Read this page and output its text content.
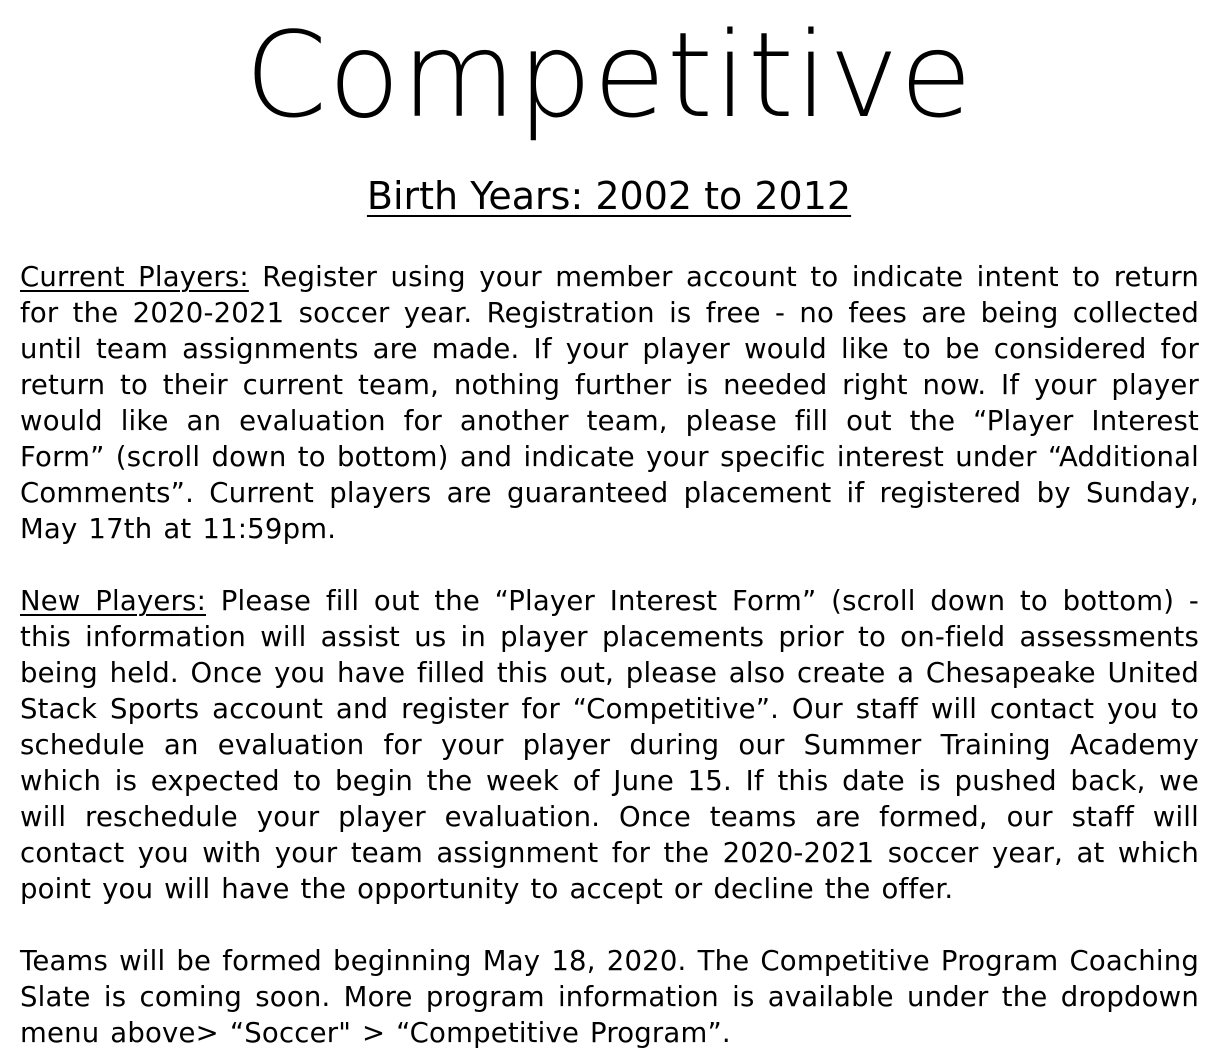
Competitive
Birth Years: 2002 to 2012

Current Players: Register using your member account to indicate intent to return for the 2020-2021 soccer year. Registration is free - no fees are being collected until team assignments are made. If your player would like to be considered for return to their current team, nothing further is needed right now. If your player would like an evaluation for another team, please fill out the “Player Interest Form” (scroll down to bottom) and indicate your specific interest under “Additional Comments”. Current players are guaranteed placement if registered by Sunday, May 17th at 11:59pm.

New Players: Please fill out the “Player Interest Form” (scroll down to bottom) - this information will assist us in player placements prior to on-field assessments being held. Once you have filled this out, please also create a Chesapeake United Stack Sports account and register for “Competitive”. Our staff will contact you to schedule an evaluation for your player during our Summer Training Academy which is expected to begin the week of June 15. If this date is pushed back, we will reschedule your player evaluation. Once teams are formed, our staff will contact you with your team assignment for the 2020-2021 soccer year, at which point you will have the opportunity to accept or decline the offer.

Teams will be formed beginning May 18, 2020. The Competitive Program Coaching Slate is coming soon. More program information is available under the dropdown menu above> “Soccer" > “Competitive Program”.
